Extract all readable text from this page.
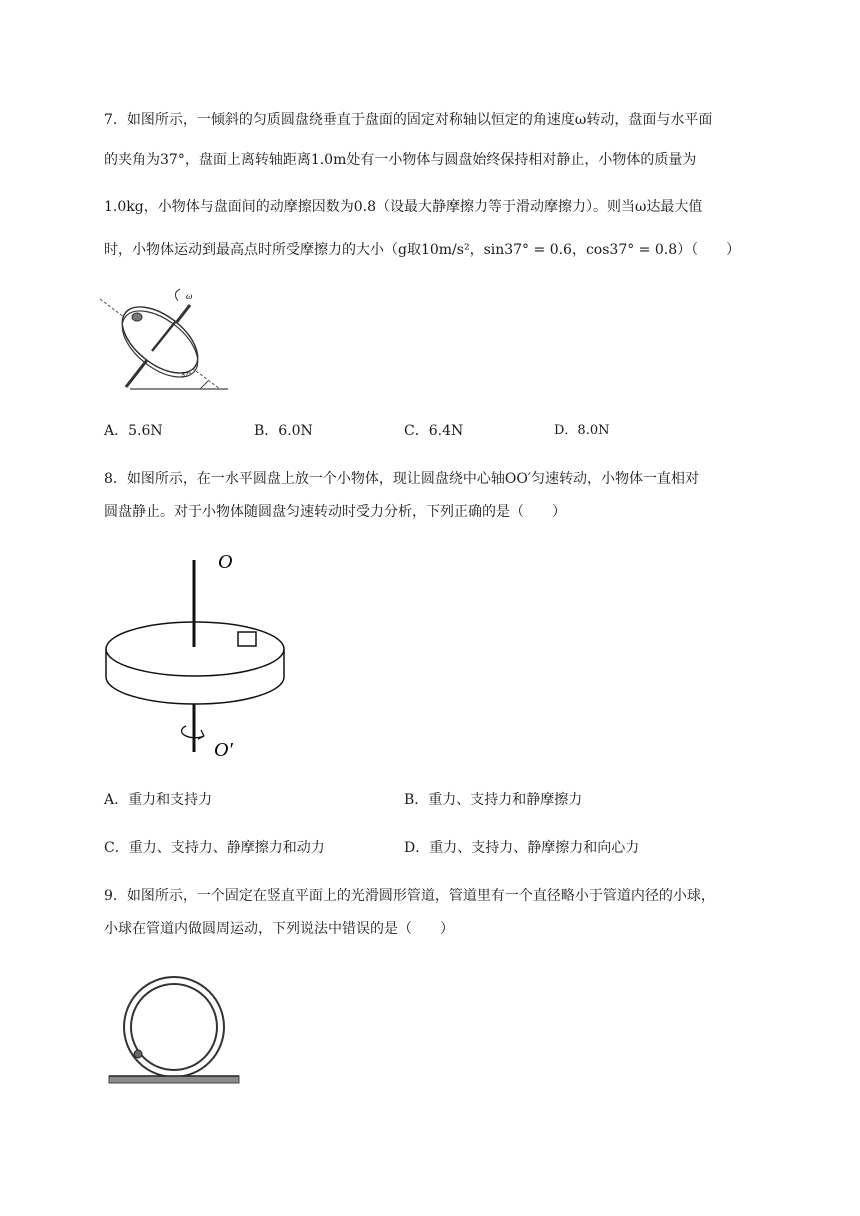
7．如图所示，一倾斜的匀质圆盘绕垂直于盘面的固定对称轴以恒定的角速度ω转动，盘面与水平面
的夹角为37°，盘面上离转轴距离1.0m处有一小物体与圆盘始终保持相对静止，小物体的质量为
1.0kg，小物体与盘面间的动摩擦因数为0.8（设最大静摩擦力等于滑动摩擦力）。则当ω达最大值
时，小物体运动到最高点时所受摩擦力的大小（g取10m/s²，sin37° = 0.6，cos37° = 0.8）（　　）
ω
37°
A．5.6N	B．6.0N	C．6.4N	D．8.0N
8．如图所示，在一水平圆盘上放一个小物体，现让圆盘绕中心轴OO′匀速转动，小物体一直相对
圆盘静止。对于小物体随圆盘匀速转动时受力分析，下列正确的是（　　）
O
O′
A．重力和支持力	B．重力、支持力和静摩擦力
C．重力、支持力、静摩擦力和动力	D．重力、支持力、静摩擦力和向心力
9．如图所示，一个固定在竖直平面上的光滑圆形管道，管道里有一个直径略小于管道内径的小球，
小球在管道内做圆周运动，下列说法中错误的是（　　）
